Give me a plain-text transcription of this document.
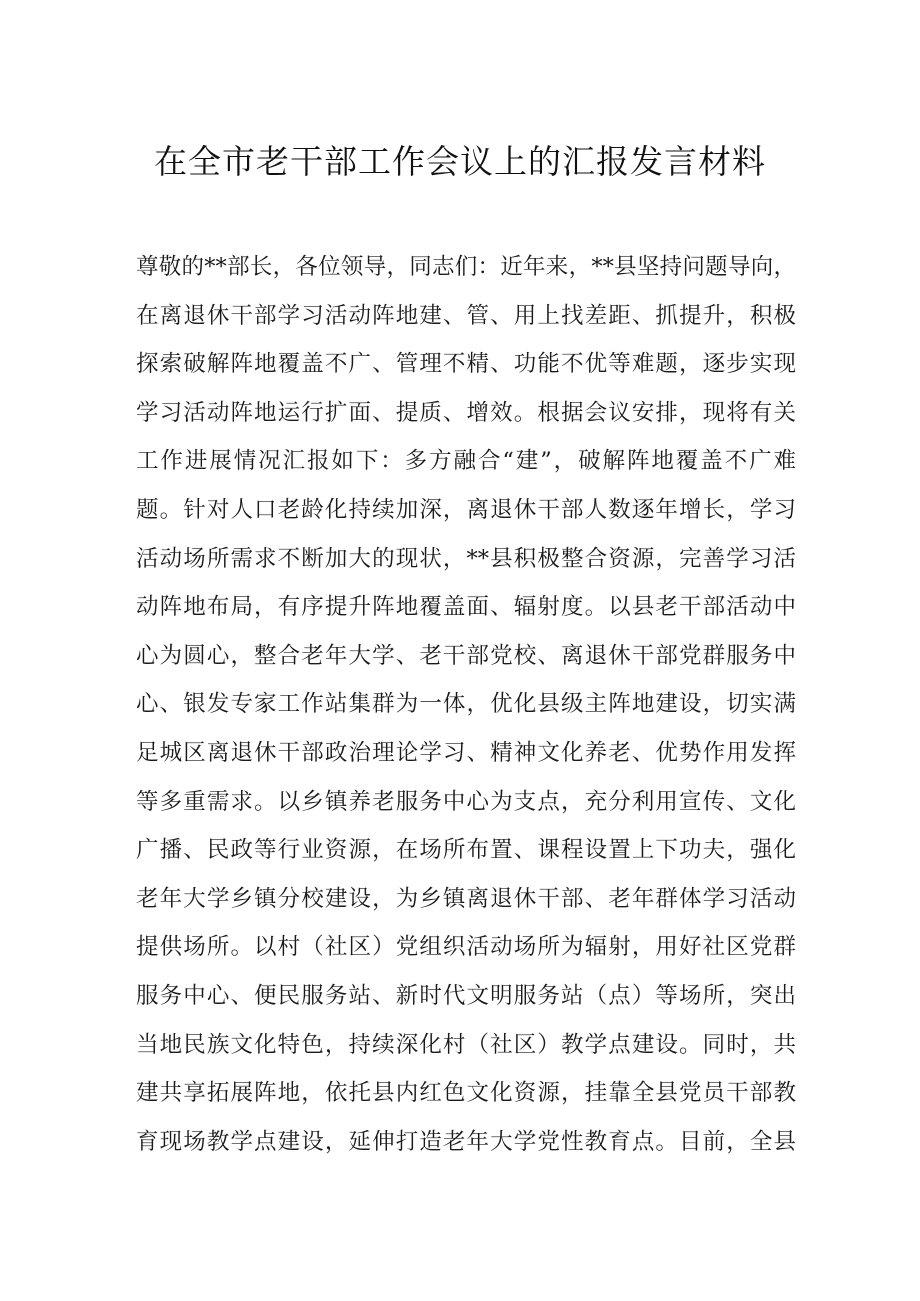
在全市老干部工作会议上的汇报发言材料
尊敬的**部长，各位领导，同志们：近年来，**县坚持问题导向，
在离退休干部学习活动阵地建、管、用上找差距、抓提升，积极
探索破解阵地覆盖不广、管理不精、功能不优等难题，逐步实现
学习活动阵地运行扩面、提质、增效。根据会议安排，现将有关
工作进展情况汇报如下：多方融合“建”，破解阵地覆盖不广难
题。针对人口老龄化持续加深，离退休干部人数逐年增长，学习
活动场所需求不断加大的现状，**县积极整合资源，完善学习活
动阵地布局，有序提升阵地覆盖面、辐射度。以县老干部活动中
心为圆心，整合老年大学、老干部党校、离退休干部党群服务中
心、银发专家工作站集群为一体，优化县级主阵地建设，切实满
足城区离退休干部政治理论学习、精神文化养老、优势作用发挥
等多重需求。以乡镇养老服务中心为支点，充分利用宣传、文化
广播、民政等行业资源，在场所布置、课程设置上下功夫，强化
老年大学乡镇分校建设，为乡镇离退休干部、老年群体学习活动
提供场所。以村（社区）党组织活动场所为辐射，用好社区党群
服务中心、便民服务站、新时代文明服务站（点）等场所，突出
当地民族文化特色，持续深化村（社区）教学点建设。同时，共
建共享拓展阵地，依托县内红色文化资源，挂靠全县党员干部教
育现场教学点建设，延伸打造老年大学党性教育点。目前，全县
